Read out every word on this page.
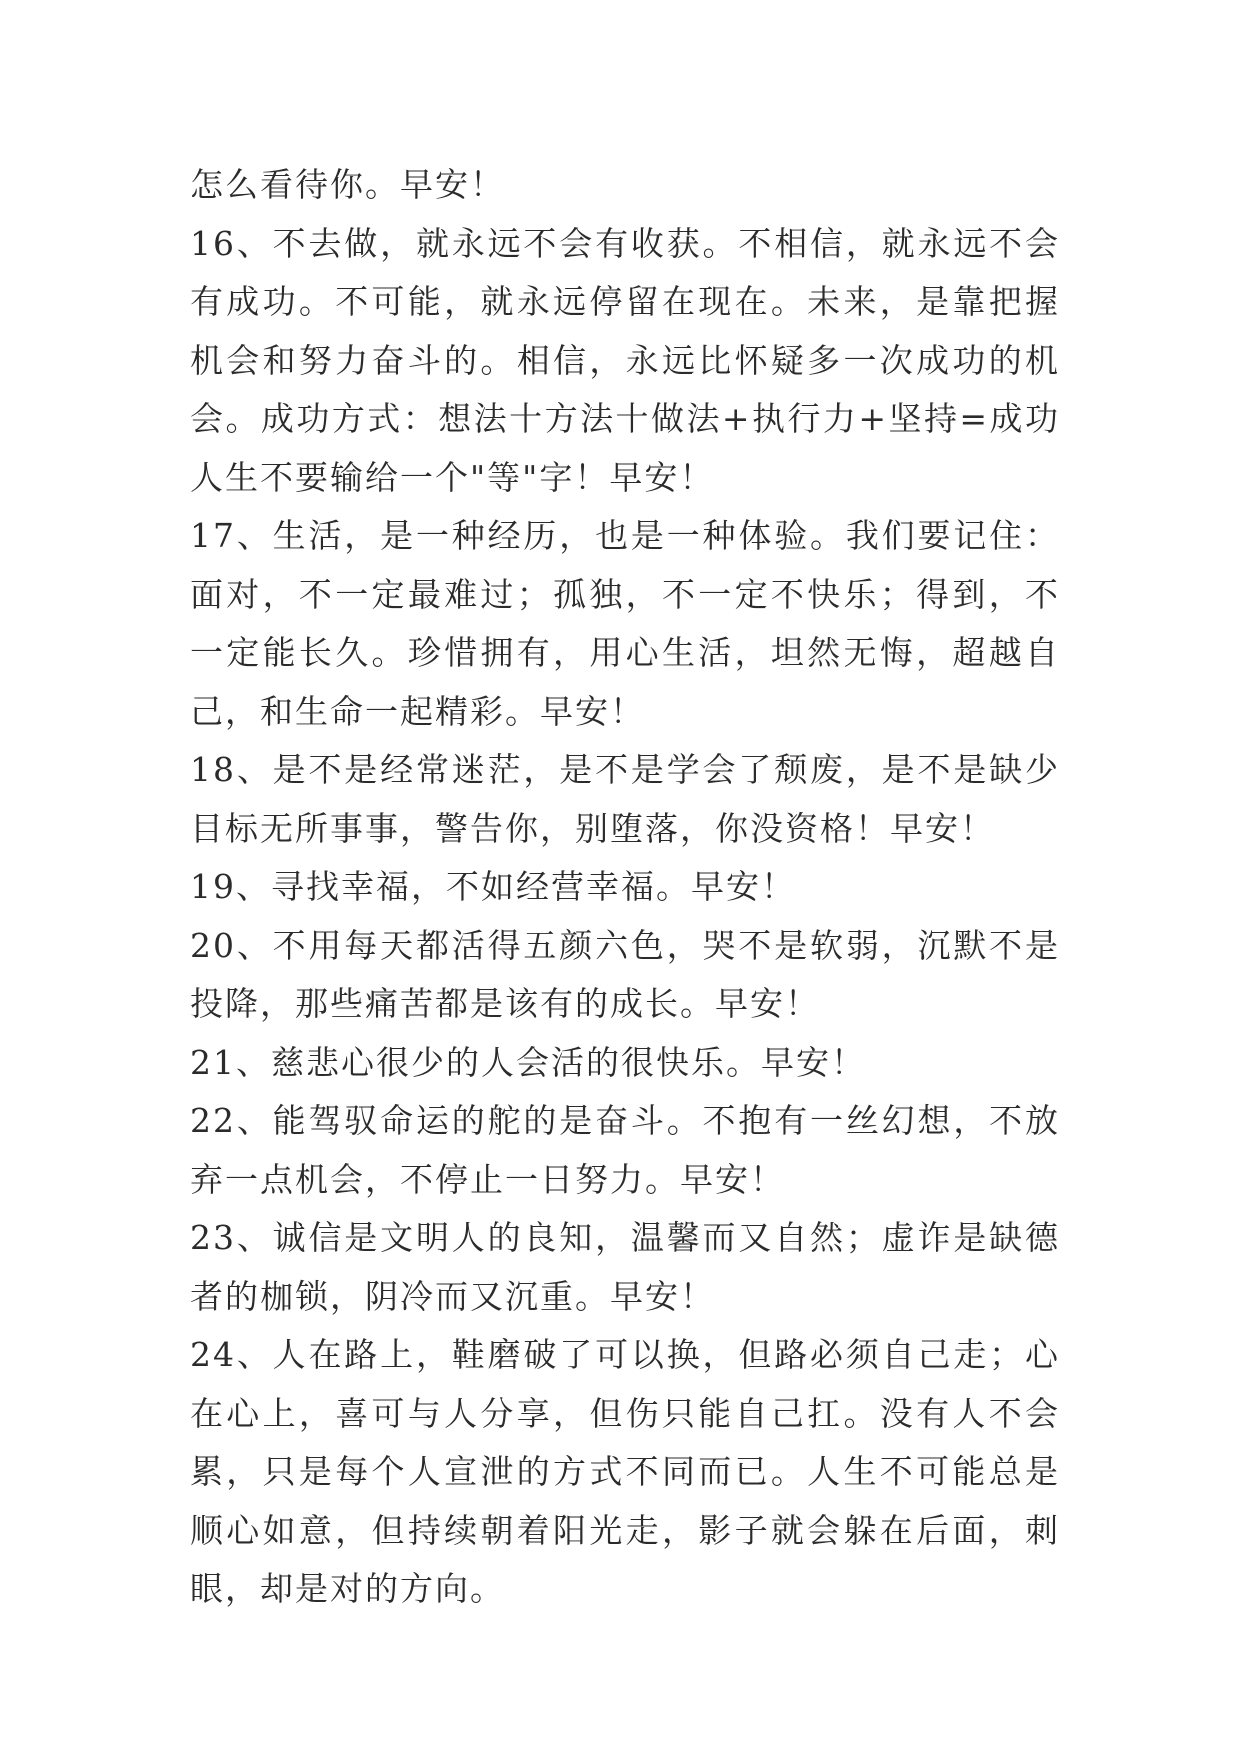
怎么看待你。早安！

16、不去做，就永远不会有收获。不相信，就永远不会有成功。不可能，就永远停留在现在。未来，是靠把握机会和努力奋斗的。相信，永远比怀疑多一次成功的机会。成功方式：想法十方法十做法+执行力+坚持=成功人生不要输给一个"等"字！早安！

17、生活，是一种经历，也是一种体验。我们要记住：面对，不一定最难过；孤独，不一定不快乐；得到，不一定能长久。珍惜拥有，用心生活，坦然无悔，超越自己，和生命一起精彩。早安！

18、是不是经常迷茫，是不是学会了颓废，是不是缺少目标无所事事，警告你，别堕落，你没资格！早安！

19、寻找幸福，不如经营幸福。早安！

20、不用每天都活得五颜六色，哭不是软弱，沉默不是投降，那些痛苦都是该有的成长。早安！

21、慈悲心很少的人会活的很快乐。早安！

22、能驾驭命运的舵的是奋斗。不抱有一丝幻想，不放弃一点机会，不停止一日努力。早安！

23、诚信是文明人的良知，温馨而又自然；虚诈是缺德者的枷锁，阴冷而又沉重。早安！

24、人在路上，鞋磨破了可以换，但路必须自己走；心在心上，喜可与人分享，但伤只能自己扛。没有人不会累，只是每个人宣泄的方式不同而已。人生不可能总是顺心如意，但持续朝着阳光走，影子就会躲在后面，刺眼，却是对的方向。
